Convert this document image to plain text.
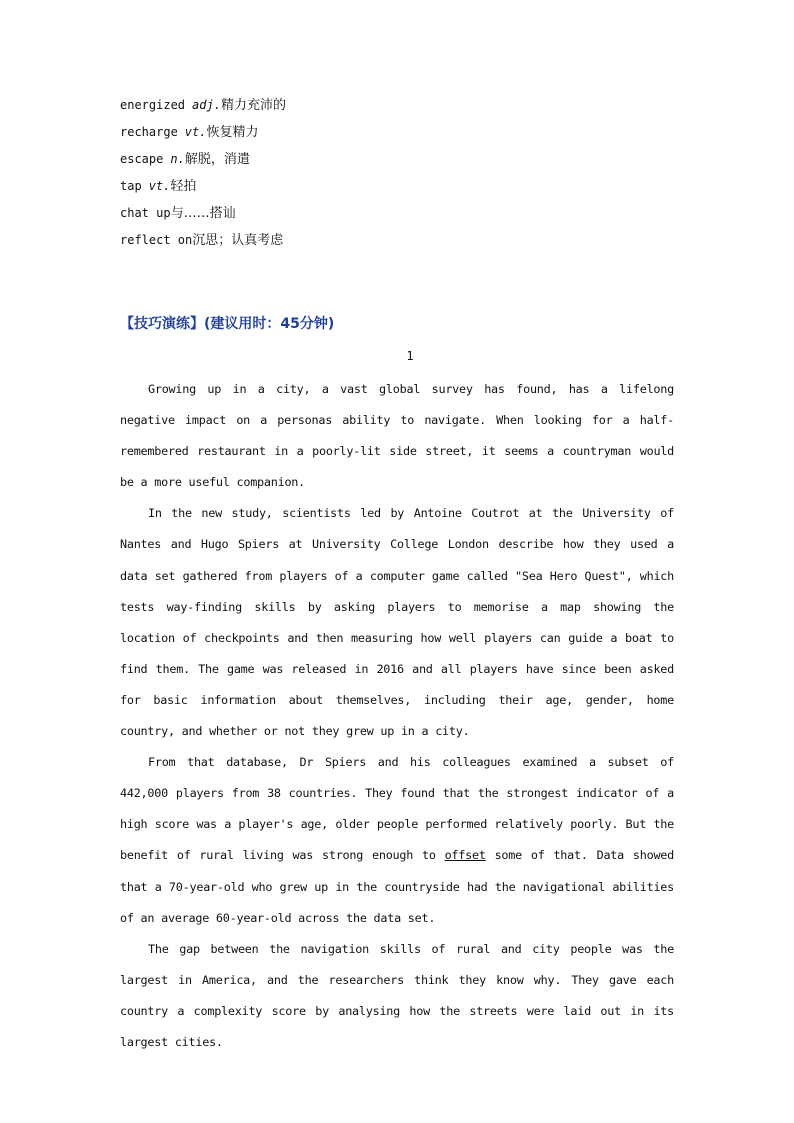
energized adj.精力充沛的
recharge vt.恢复精力
escape n.解脱，消遣
tap vt.轻拍
chat up与……搭讪
reflect on沉思；认真考虑
【技巧演练】(建议用时：45分钟)
1

Growing up in a city, a vast global survey has found, has a lifelong negative impact on a personas ability to navigate. When looking for a half-remembered restaurant in a poorly-lit side street, it seems a countryman would be a more useful companion.

In the new study, scientists led by Antoine Coutrot at the University of Nantes and Hugo Spiers at University College London describe how they used a data set gathered from players of a computer game called "Sea Hero Quest", which tests way-finding skills by asking players to memorise a map showing the location of checkpoints and then measuring how well players can guide a boat to find them. The game was released in 2016 and all players have since been asked for basic information about themselves, including their age, gender, home country, and whether or not they grew up in a city.

From that database, Dr Spiers and his colleagues examined a subset of 442,000 players from 38 countries. They found that the strongest indicator of a high score was a player's age, older people performed relatively poorly. But the benefit of rural living was strong enough to offset some of that. Data showed that a 70-year-old who grew up in the countryside had the navigational abilities of an average 60-year-old across the data set.

The gap between the navigation skills of rural and city people was the largest in America, and the researchers think they know why. They gave each country a complexity score by analysing how the streets were laid out in its largest cities.
